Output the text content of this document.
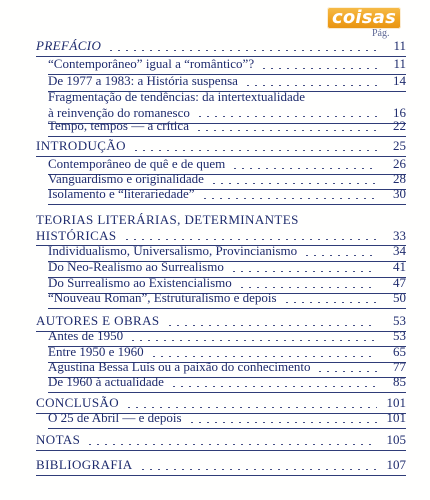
coisas
Pág.
PREFÁCIO	11
“Contemporâneo” igual a “romântico”?	11
De 1977 a 1983: a História suspensa	14
Fragmentação de tendências: da intertextualidade
à reinvenção do romanesco	16
Tempo, tempos — a crítica	22
INTRODUÇÃO	25
Contemporâneo de quê e de quem	26
Vanguardismo e originalidade	28
Isolamento e “literariedade”	30
TEORIAS LITERÁRIAS, DETERMINANTES
HISTÓRICAS	33
Individualismo, Universalismo, Provincianismo	34
Do Neo-Realismo ao Surrealismo	41
Do Surrealismo ao Existencialismo	47
“Nouveau Roman”, Estruturalismo e depois	50
AUTORES E OBRAS	53
Antes de 1950	53
Entre 1950 e 1960	65
Agustina Bessa Luís ou a paixão do conhecimento	77
De 1960 à actualidade	85
CONCLUSÃO	101
O 25 de Abril — e depois	101
NOTAS	105
BIBLIOGRAFIA	107
